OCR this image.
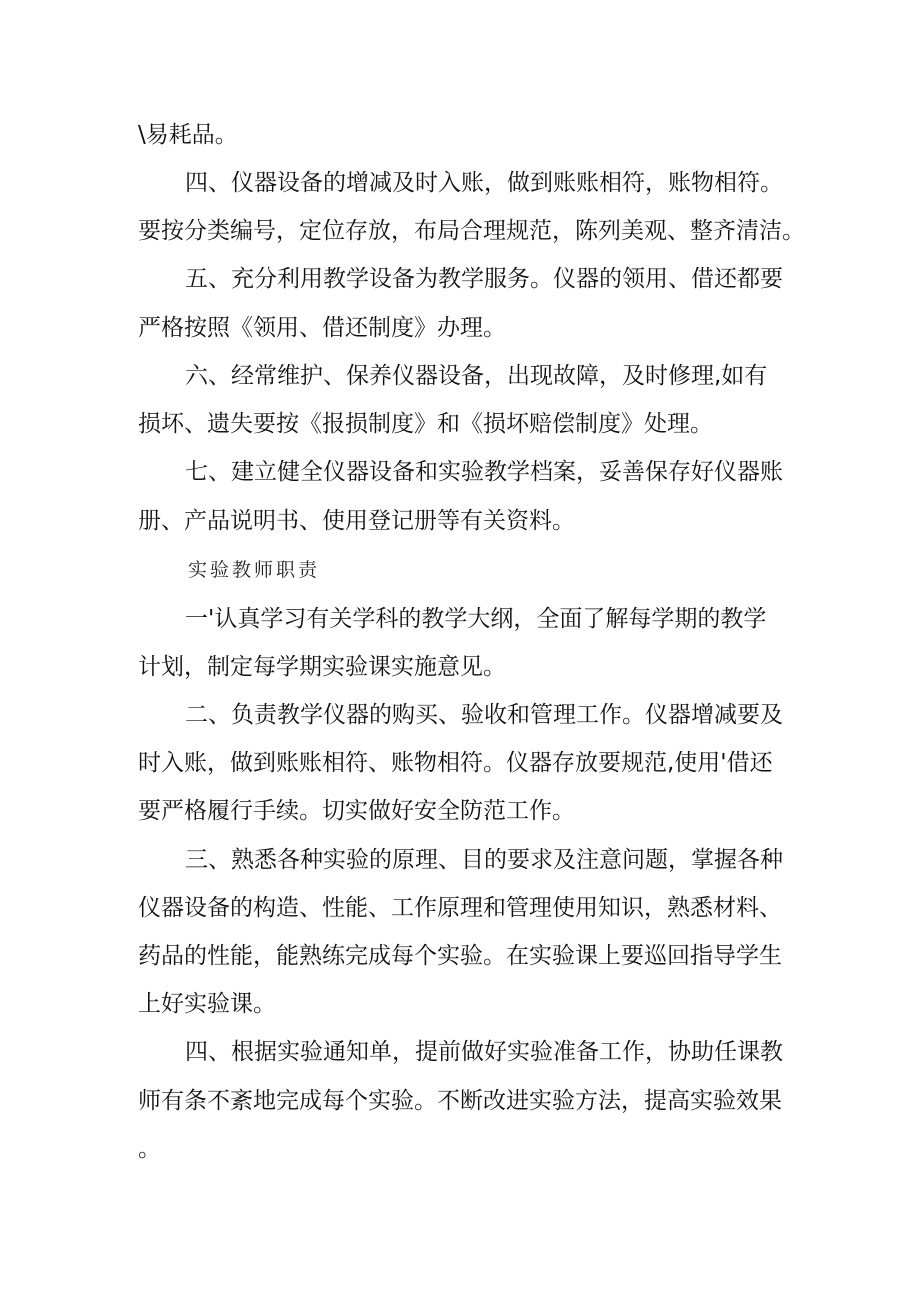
\易耗品。

四、仪器设备的增减及时入账，做到账账相符，账物相符。

要按分类编号，定位存放，布局合理规范，陈列美观、整齐清洁。

五、充分利用教学设备为教学服务。仪器的领用、借还都要

严格按照《领用、借还制度》办理。

六、经常维护、保养仪器设备，出现故障，及时修理,如有

损坏、遗失要按《报损制度》和《损坏赔偿制度》处理。

七、建立健全仪器设备和实验教学档案，妥善保存好仪器账

册、产品说明书、使用登记册等有关资料。

实验教师职责

一'认真学习有关学科的教学大纲，全面了解每学期的教学

计划，制定每学期实验课实施意见。

二、负责教学仪器的购买、验收和管理工作。仪器增减要及

时入账，做到账账相符、账物相符。仪器存放要规范,使用'借还

要严格履行手续。切实做好安全防范工作。

三、熟悉各种实验的原理、目的要求及注意问题，掌握各种

仪器设备的构造、性能、工作原理和管理使用知识，熟悉材料、

药品的性能，能熟练完成每个实验。在实验课上要巡回指导学生

上好实验课。

四、根据实验通知单，提前做好实验准备工作，协助任课教

师有条不紊地完成每个实验。不断改进实验方法，提高实验效果

。
